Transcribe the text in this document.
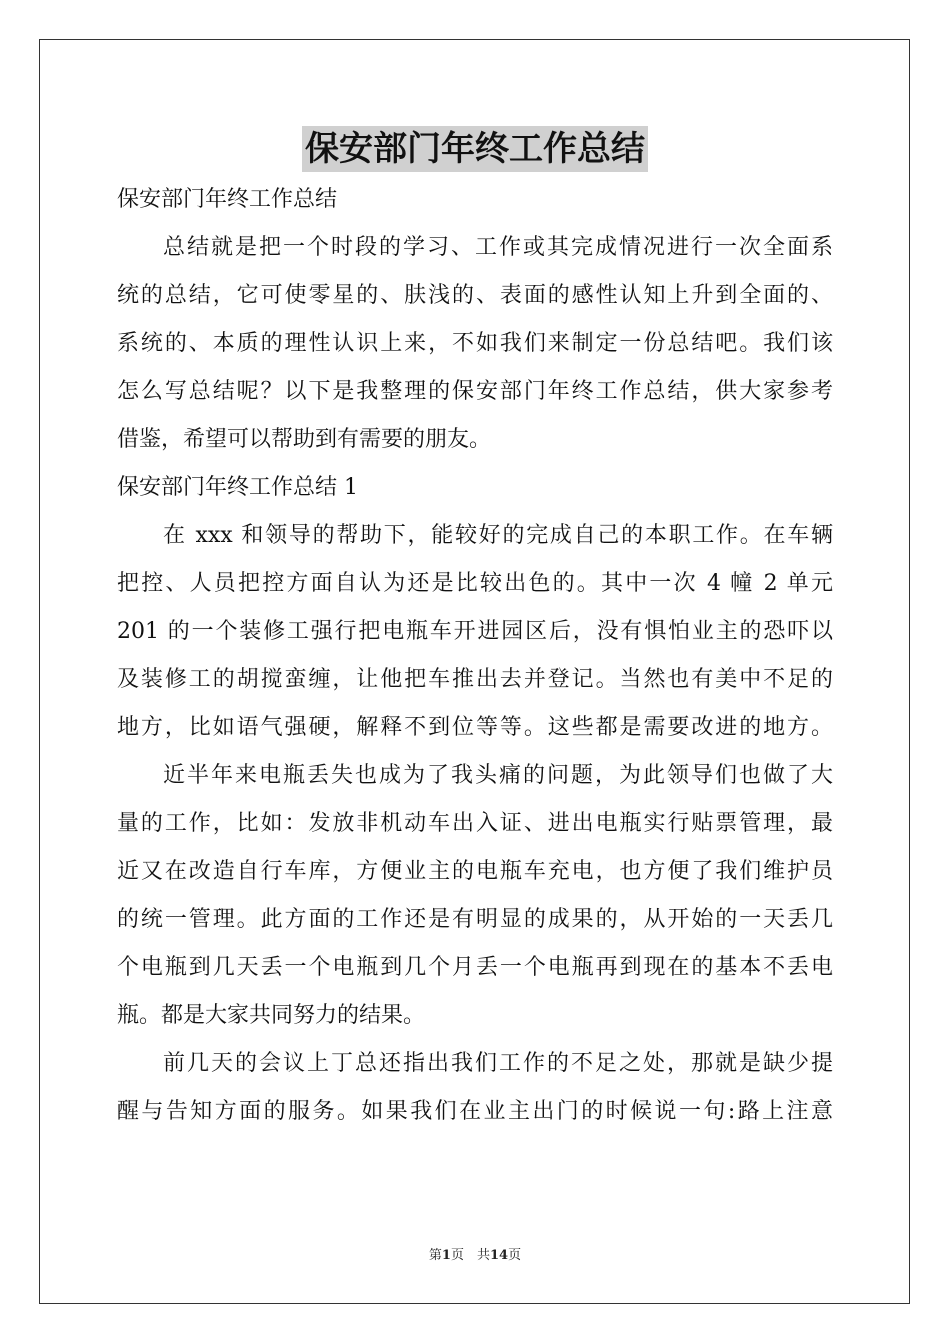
保安部门年终工作总结
保安部门年终工作总结
总结就是把一个时段的学习、工作或其完成情况进行一次全面系
统的总结，它可使零星的、肤浅的、表面的感性认知上升到全面的、
系统的、本质的理性认识上来，不如我们来制定一份总结吧。我们该
怎么写总结呢？以下是我整理的保安部门年终工作总结，供大家参考
借鉴，希望可以帮助到有需要的朋友。
保安部门年终工作总结 1
在 xxx 和领导的帮助下，能较好的完成自己的本职工作。在车辆
把控、人员把控方面自认为还是比较出色的。其中一次 4 幢 2 单元
201 的一个装修工强行把电瓶车开进园区后，没有惧怕业主的恐吓以
及装修工的胡搅蛮缠，让他把车推出去并登记。当然也有美中不足的
地方，比如语气强硬，解释不到位等等。这些都是需要改进的地方。
近半年来电瓶丢失也成为了我头痛的问题，为此领导们也做了大
量的工作，比如：发放非机动车出入证、进出电瓶实行贴票管理，最
近又在改造自行车库，方便业主的电瓶车充电，也方便了我们维护员
的统一管理。此方面的工作还是有明显的成果的，从开始的一天丢几
个电瓶到几天丢一个电瓶到几个月丢一个电瓶再到现在的基本不丢电
瓶。都是大家共同努力的结果。
前几天的会议上丁总还指出我们工作的不足之处，那就是缺少提
醒与告知方面的服务。如果我们在业主出门的时候说一句:路上注意
第1页　共14页
